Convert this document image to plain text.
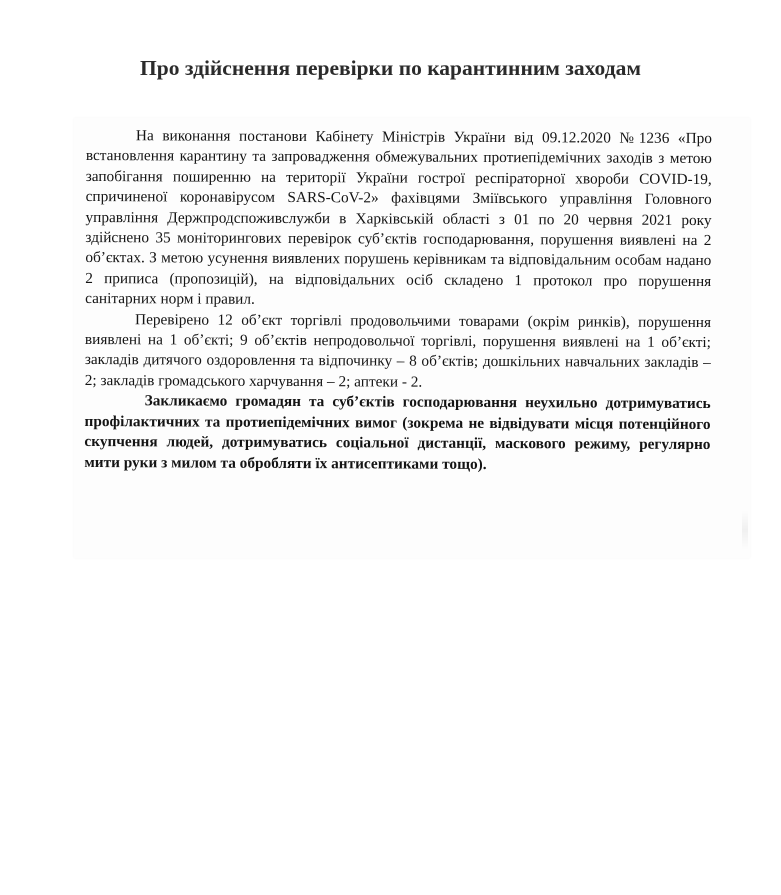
Про здійснення перевірки по карантинним заходам

На виконання постанови Кабінету Міністрів України від 09.12.2020 №1236 «Про встановлення карантину та запровадження обмежувальних протиепідемічних заходів з метою запобігання поширенню на території України гострої респіраторної хвороби COVID-19, спричиненої коронавірусом SARS-CoV-2» фахівцями Зміївського управління Головного управління Держпродспоживслужби в Харківській області з 01 по 20 червня 2021 року здійснено 35 моніторингових перевірок суб’єктів господарювання, порушення виявлені на 2 об’єктах. З метою усунення виявлених порушень керівникам та відповідальним особам надано 2 приписа (пропозицій), на відповідальних осіб складено 1 протокол про порушення санітарних норм і правил.

Перевірено 12 об’єкт торгівлі продовольчими товарами (окрім ринків), порушення виявлені на 1 об’єкті; 9 об’єктів непродовольчої торгівлі, порушення виявлені на 1 об’єкті; закладів дитячого оздоровлення та відпочинку – 8 об’єктів; дошкільних навчальних закладів – 2; закладів громадського харчування – 2; аптеки - 2.

Закликаємо громадян та суб’єктів господарювання неухильно дотримуватись профілактичних та протиепідемічних вимог (зокрема не відвідувати місця потенційного скупчення людей, дотримуватись соціальної дистанції, маскового режиму, регулярно мити руки з милом та обробляти їх антисептиками тощо).
